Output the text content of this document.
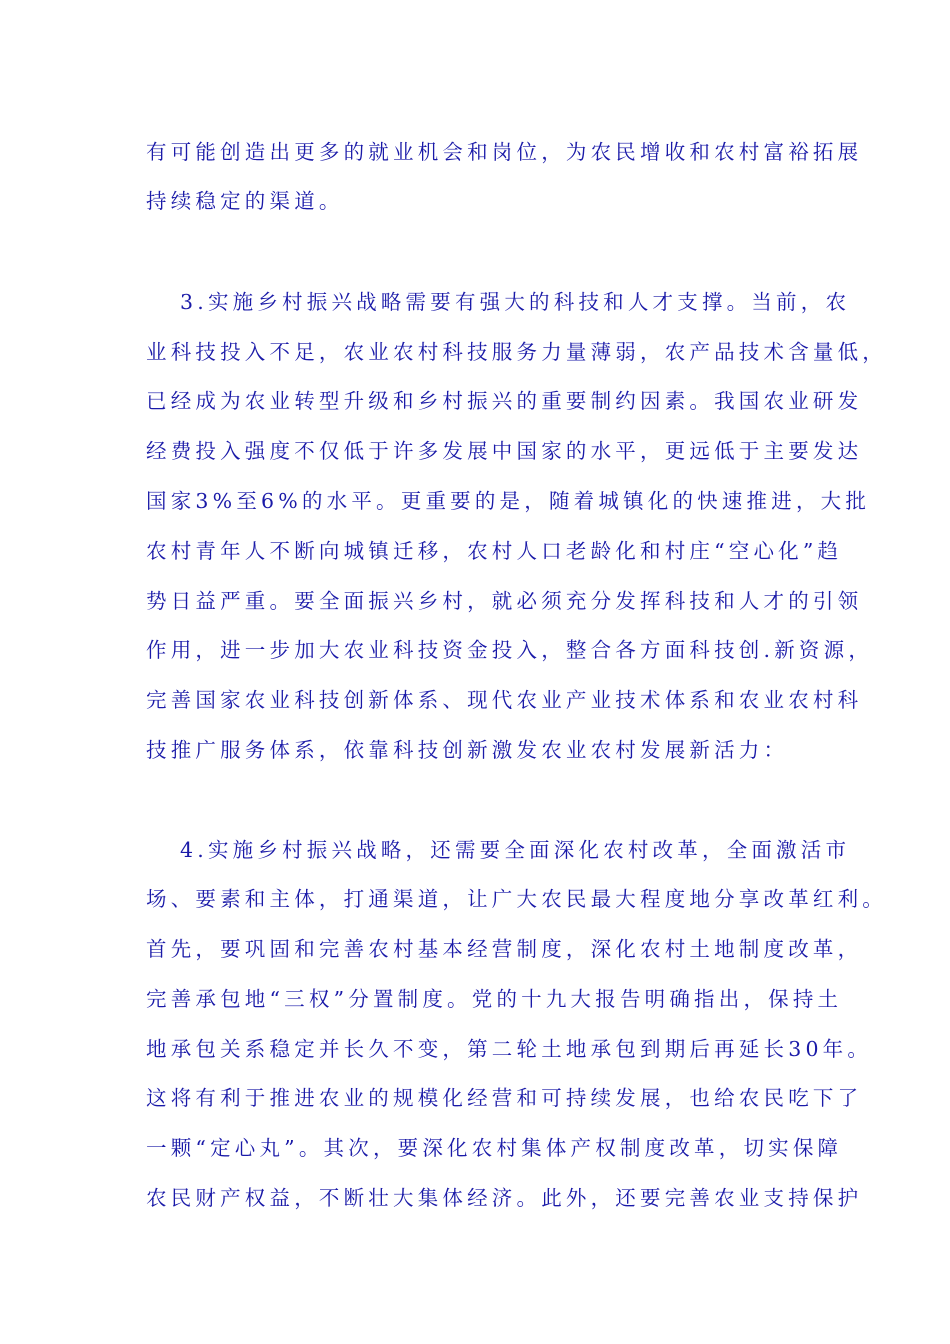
有可能创造出更多的就业机会和岗位，为农民增收和农村富裕拓展
持续稳定的渠道。
3.实施乡村振兴战略需要有强大的科技和人才支撑。当前，农
业科技投入不足，农业农村科技服务力量薄弱，农产品技术含量低，
已经成为农业转型升级和乡村振兴的重要制约因素。我国农业研发
经费投入强度不仅低于许多发展中国家的水平，更远低于主要发达
国家3%至6%的水平。更重要的是，随着城镇化的快速推进，大批
农村青年人不断向城镇迁移，农村人口老龄化和村庄“空心化”趋
势日益严重。要全面振兴乡村，就必须充分发挥科技和人才的引领
作用，进一步加大农业科技资金投入，整合各方面科技创.新资源，
完善国家农业科技创新体系、现代农业产业技术体系和农业农村科
技推广服务体系，依靠科技创新激发农业农村发展新活力：
4.实施乡村振兴战略，还需要全面深化农村改革，全面激活市
场、要素和主体，打通渠道，让广大农民最大程度地分享改革红利。
首先，要巩固和完善农村基本经营制度，深化农村土地制度改革，
完善承包地“三权”分置制度。党的十九大报告明确指出，保持土
地承包关系稳定并长久不变，第二轮土地承包到期后再延长30年。
这将有利于推进农业的规模化经营和可持续发展，也给农民吃下了
一颗“定心丸”。其次，要深化农村集体产权制度改革，切实保障
农民财产权益，不断壮大集体经济。此外，还要完善农业支持保护
